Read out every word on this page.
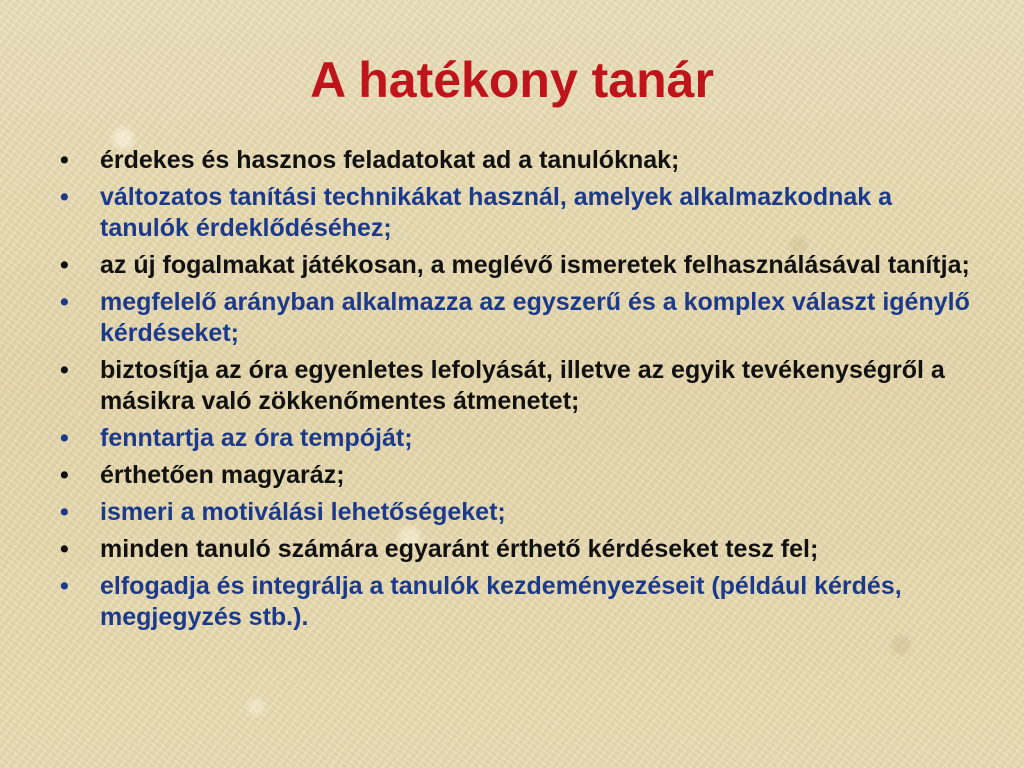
A hatékony tanár
•	érdekes és hasznos feladatokat ad a tanulóknak;
•	változatos tanítási technikákat használ, amelyek alkalmazkodnak a tanulók érdeklődéséhez;
•	az új fogalmakat játékosan, a meglévő ismeretek felhasználásával tanítja;
•	megfelelő arányban alkalmazza az egyszerű és a komplex választ igénylő kérdéseket;
•	biztosítja az óra egyenletes lefolyását, illetve az egyik tevékenységről a másikra való zökkenőmentes átmenetet;
•	fenntartja az óra tempóját;
•	érthetően magyaráz;
•	ismeri a motiválási lehetőségeket;
•	minden tanuló számára egyaránt érthető kérdéseket tesz fel;
•	elfogadja és integrálja a tanulók kezdeményezéseit (például kérdés, megjegyzés stb.).
